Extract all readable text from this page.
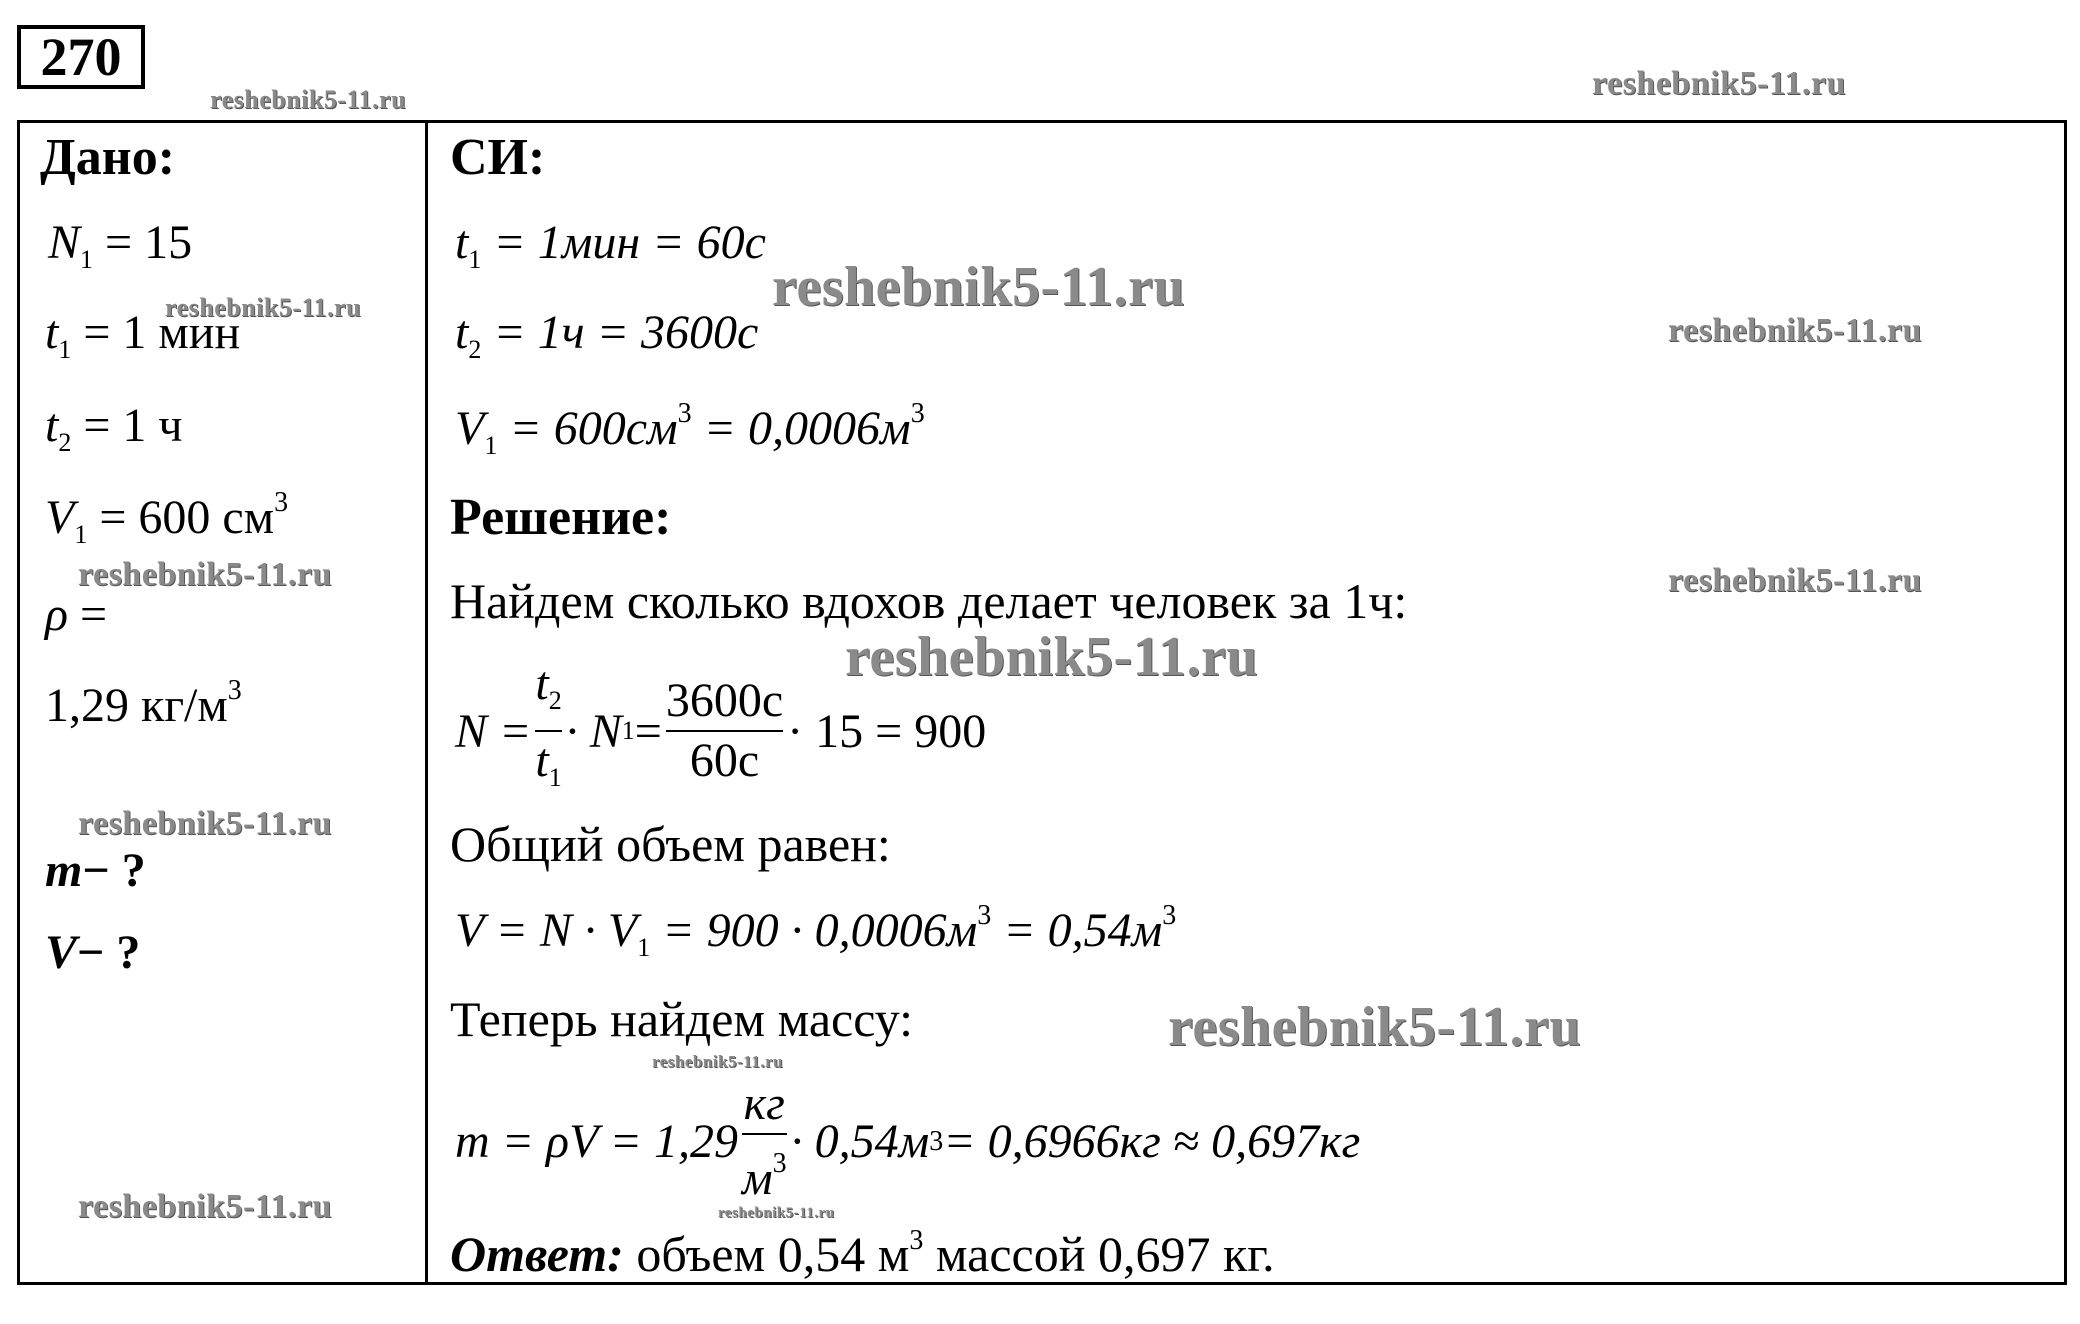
270
Дано:
$N_1 = 15$
$t_1 = 1$ мин
$t_2 = 1$ ч
$V_1 = 600$ $см^3$
ρ =
1,29 $кг/м^3$
m− ?
V− ?
СИ:
$t_1 = 1мин = 60с$
$t_2 = 1ч = 3600с$
$V_1 = 600см^3 = 0,0006м^3$
Решение:
Найдем сколько вдохов делает человек за 1ч:
$N = \frac{t_2}{t_1} \cdot N$ $1 = \frac{3600с}{60с} \cdot 15 = 900$
Общий объем равен:
$V = N \cdot V_1 = 900 \cdot 0,0006м^3 = 0,54м^3$
Теперь найдем массу:
$m = \rho V = 1,29 \frac{кг}{м^3} \cdot 0,54м$ 3 = 0,6966кг ≈ 0,697кг
Ответ: объем 0,54 $м^3$ массой 0,697 кг.
reshebnik5-11.ru	reshebnik5-11.ru
reshebnik5-11.ru	reshebnik5-11.ru
reshebnik5-11.ru
reshebnik5-11.ru	reshebnik5-11.ru
reshebnik5-11.ru
reshebnik5-11.ru
reshebnik5-11.ru
reshebnik5-11.ru
reshebnik5-11.ru	reshebnik5-11.ru
